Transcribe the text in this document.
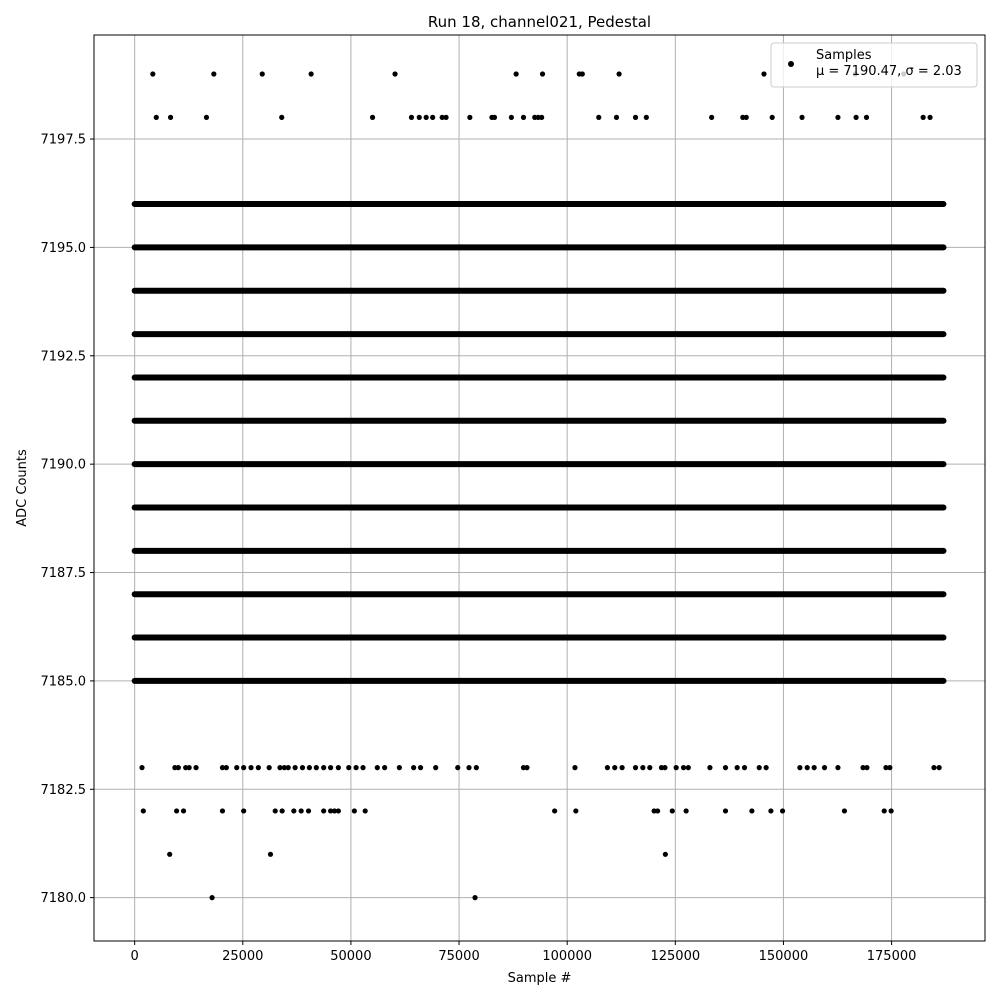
0	25000	50000	75000	100000	125000	150000	175000
7180.0
7182.5
7185.0
7187.5
7190.0
7192.5
7195.0
7197.5
Run 18, channel021, Pedestal
Sample #
ADC Counts
Samples
μ = 7190.47, σ = 2.03
